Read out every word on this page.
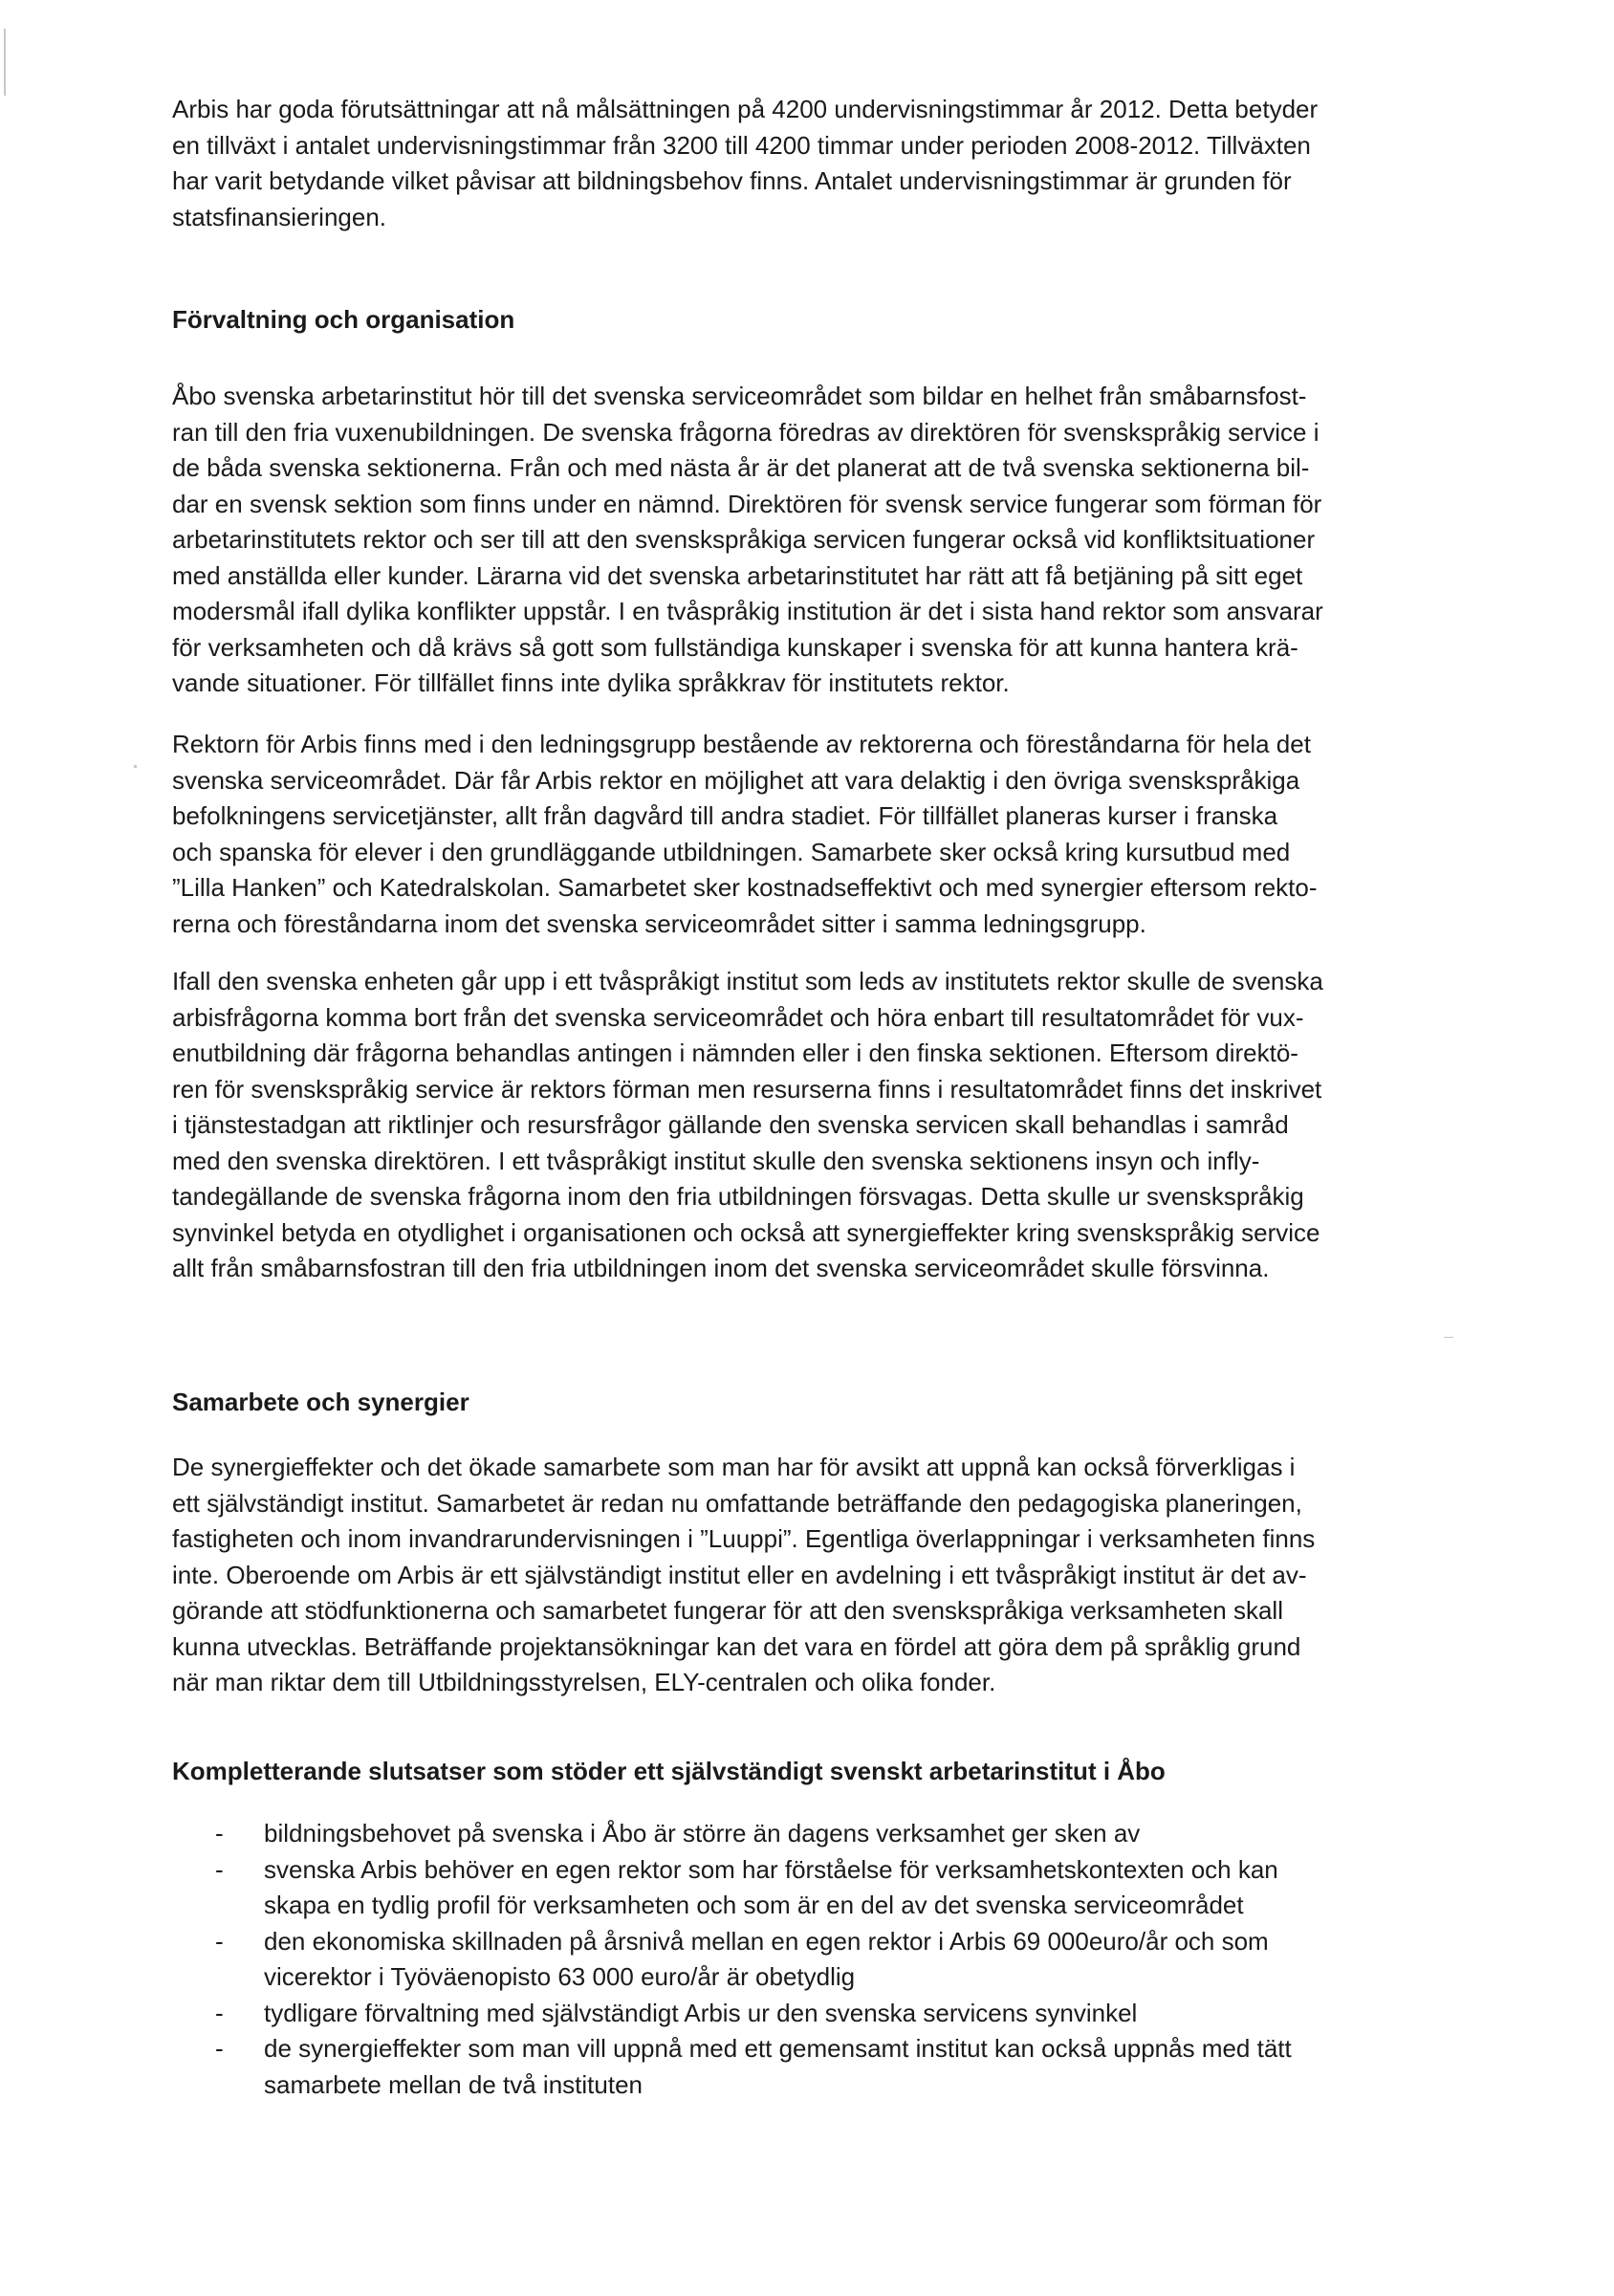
Arbis har goda förutsättningar att nå målsättningen på 4200 undervisningstimmar år 2012. Detta betyder
en tillväxt i antalet undervisningstimmar från 3200 till 4200 timmar under perioden 2008-2012. Tillväxten
har varit betydande vilket påvisar att bildningsbehov finns. Antalet undervisningstimmar är grunden för
statsfinansieringen.

Förvaltning och organisation

Åbo svenska arbetarinstitut hör till det svenska serviceområdet som bildar en helhet från småbarnsfost-
ran till den fria vuxenubildningen. De svenska frågorna föredras av direktören för svenskspråkig service i
de båda svenska sektionerna. Från och med nästa år är det planerat att de två svenska sektionerna bil-
dar en svensk sektion som finns under en nämnd. Direktören för svensk service fungerar som förman för
arbetarinstitutets rektor och ser till att den svenskspråkiga servicen fungerar också vid konfliktsituationer
med anställda eller kunder. Lärarna vid det svenska arbetarinstitutet har rätt att få betjäning på sitt eget
modersmål ifall dylika konflikter uppstår. I en tvåspråkig institution är det i sista hand rektor som ansvarar
för verksamheten och då krävs så gott som fullständiga kunskaper i svenska för att kunna hantera krä-
vande situationer. För tillfället finns inte dylika språkkrav för institutets rektor.

Rektorn för Arbis finns med i den ledningsgrupp bestående av rektorerna och föreståndarna för hela det
svenska serviceområdet. Där får Arbis rektor en möjlighet att vara delaktig i den övriga svenskspråkiga
befolkningens servicetjänster, allt från dagvård till andra stadiet. För tillfället planeras kurser i franska
och spanska för elever i den grundläggande utbildningen. Samarbete sker också kring kursutbud med
”Lilla Hanken” och Katedralskolan. Samarbetet sker kostnadseffektivt och med synergier eftersom rekto-
rerna och föreståndarna inom det svenska serviceområdet sitter i samma ledningsgrupp.

Ifall den svenska enheten går upp i ett tvåspråkigt institut som leds av institutets rektor skulle de svenska
arbisfrågorna komma bort från det svenska serviceområdet och höra enbart till resultatområdet för vux-
enutbildning där frågorna behandlas antingen i nämnden eller i den finska sektionen. Eftersom direktö-
ren för svenskspråkig service är rektors förman men resurserna finns i resultatområdet finns det inskrivet
i tjänstestadgan att riktlinjer och resursfrågor gällande den svenska servicen skall behandlas i samråd
med den svenska direktören. I ett tvåspråkigt institut skulle den svenska sektionens insyn och infly-
tandegällande de svenska frågorna inom den fria utbildningen försvagas. Detta skulle ur svenskspråkig
synvinkel betyda en otydlighet i organisationen och också att synergieffekter kring svenskspråkig service
allt från småbarnsfostran till den fria utbildningen inom det svenska serviceområdet skulle försvinna.

Samarbete och synergier

De synergieffekter och det ökade samarbete som man har för avsikt att uppnå kan också förverkligas i
ett självständigt institut. Samarbetet är redan nu omfattande beträffande den pedagogiska planeringen,
fastigheten och inom invandrarundervisningen i ”Luuppi”. Egentliga överlappningar i verksamheten finns
inte. Oberoende om Arbis är ett självständigt institut eller en avdelning i ett tvåspråkigt institut är det av-
görande att stödfunktionerna och samarbetet fungerar för att den svenskspråkiga verksamheten skall
kunna utvecklas. Beträffande projektansökningar kan det vara en fördel att göra dem på språklig grund
när man riktar dem till Utbildningsstyrelsen, ELY-centralen och olika fonder.

Kompletterande slutsatser som stöder ett självständigt svenskt arbetarinstitut i Åbo
- bildningsbehovet på svenska i Åbo är större än dagens verksamhet ger sken av
- svenska Arbis behöver en egen rektor som har förståelse för verksamhetskontexten och kan
skapa en tydlig profil för verksamheten och som är en del av det svenska serviceområdet
- den ekonomiska skillnaden på årsnivå mellan en egen rektor i Arbis 69 000euro/år och som
vicerektor i Työväenopisto 63 000 euro/år är obetydlig
- tydligare förvaltning med självständigt Arbis ur den svenska servicens synvinkel
- de synergieffekter som man vill uppnå med ett gemensamt institut kan också uppnås med tätt
samarbete mellan de två instituten
